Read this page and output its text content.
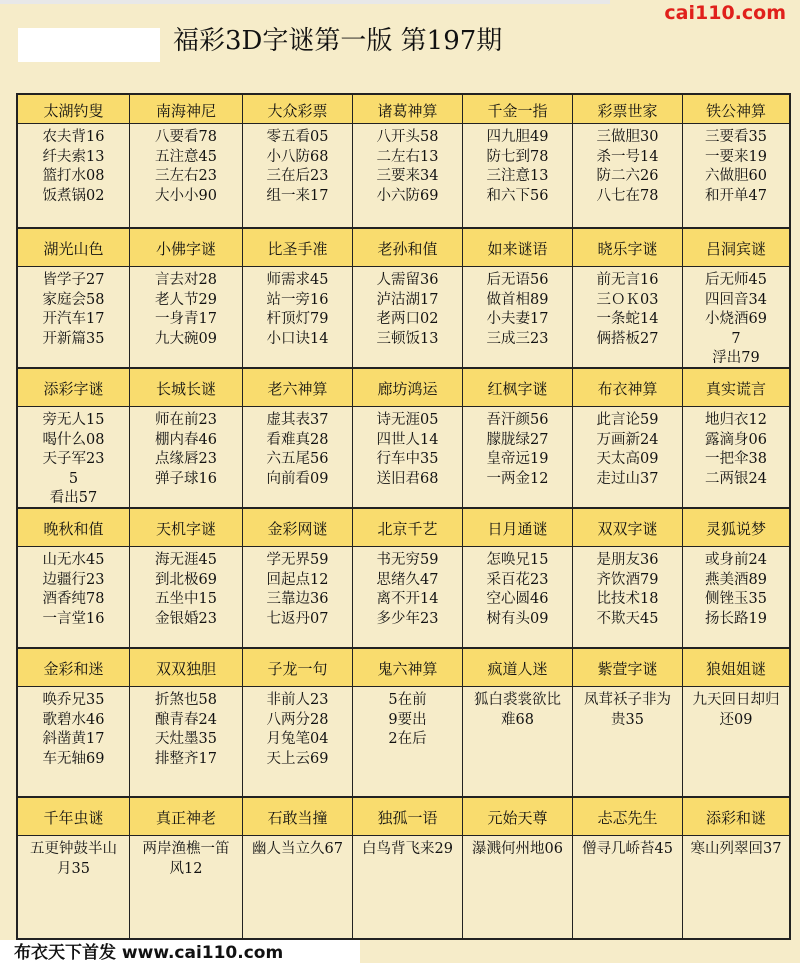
福彩3D字谜第一版 第197期
cai110.com
太湖钓叟
农夫背16
纤夫索13
篮打水08
饭煮锅02
南海神尼
八要看78
五注意45
三左右23
大小小90
大众彩票
零五看05
小八防68
三在后23
组一来17
诸葛神算
八开头58
二左右13
三要来34
小六防69
千金一指
四九胆49
防七到78
三注意13
和六下56
彩票世家
三做胆30
杀一号14
防二六26
八七在78
铁公神算
三要看35
一要来19
六做胆60
和开单47
湖光山色
皆学子27
家庭会58
开汽车17
开新篇35
小佛字谜
言去对28
老人节29
一身青17
九大碗09
比圣手准
师需求45
站一旁16
杆顶灯79
小口诀14
老孙和值
人需留36
泸沽湖17
老两口02
三顿饭13
如来谜语
后无语56
做首相89
小夫妻17
三成三23
晓乐字谜
前无言16
三ＯＫ03
一条蛇14
俩搭板27
吕洞宾谜
后无师45
四回音34
小烧酒69
7
浮出79
添彩字谜
旁无人15
喝什么08
天子军23
5
看出57
长城长谜
师在前23
棚内春46
点缘唇23
弹子球16
老六神算
虚其表37
看难真28
六五尾56
向前看09
廊坊鸿运
诗无涯05
四世人14
行车中35
送旧君68
红枫字谜
吾汗颜56
朦胧绿27
皇帝远19
一两金12
布衣神算
此言论59
万画新24
天太高09
走过山37
真实谎言
地归衣12
露滴身06
一把伞38
二两银24
晚秋和值
山无水45
边疆行23
酒香纯78
一言堂16
天机字谜
海无涯45
到北极69
五坐中15
金银婚23
金彩网谜
学无界59
回起点12
三靠边36
七返丹07
北京千艺
书无穷59
思绪久47
离不开14
多少年23
日月通谜
怎唤兄15
采百花23
空心圆46
树有头09
双双字谜
是朋友36
齐饮酒79
比技术18
不欺天45
灵狐说梦
或身前24
燕美酒89
侧锉玉35
扬长路19
金彩和迷
唤乔兄35
歌碧水46
斜凿黄17
车无轴69
双双独胆
折煞也58
酿青春24
天灶墨35
排整齐17
子龙一句
非前人23
八两分28
月兔笔04
天上云69
鬼六神算
5在前
9要出
2在后
疯道人迷
狐白裘裳欲比
难68
紫萱字谜
凤茸袄子非为
贵35
狼姐姐谜
九天回日却归
还09
千年虫谜
五更钟鼓半山
月35
真正神老
两岸渔樵一笛
风12
石敢当撞
幽人当立久67
独孤一语
白鸟背飞来29
元始天尊
瀑溅何州地06
忐忑先生
僧寻几峤苔45
添彩和谜
寒山列翠回37
布衣天下首发 www.cai110.com
